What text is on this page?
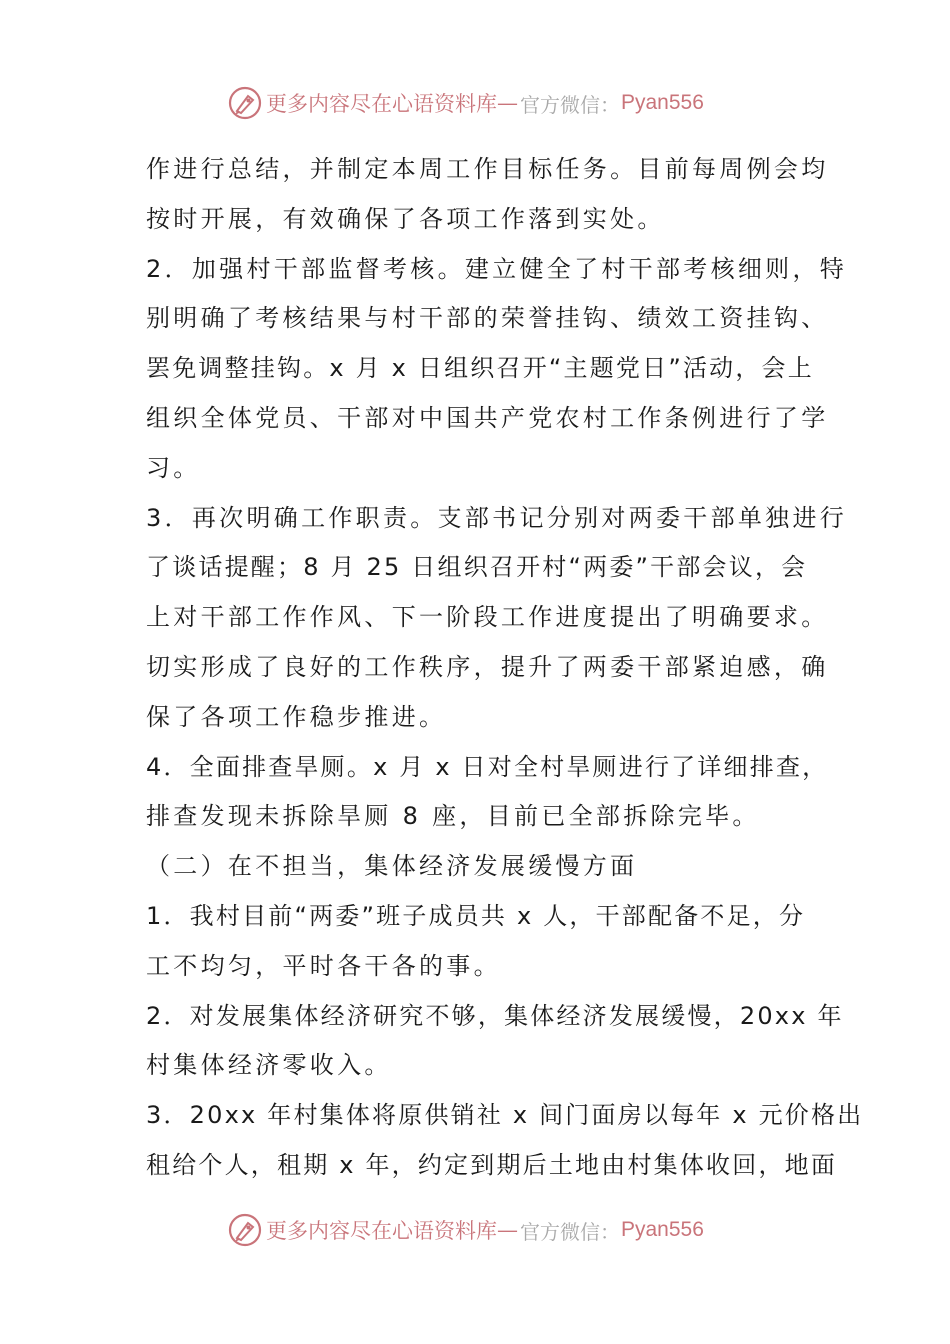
更多内容尽在心语资料库 — 官方微信： Pyan556
作进行总结，并制定本周工作目标任务。目前每周例会均
按时开展，有效确保了各项工作落到实处。
2．加强村干部监督考核。建立健全了村干部考核细则，特
别明确了考核结果与村干部的荣誉挂钩、绩效工资挂钩、
罢免调整挂钩。x 月 x 日组织召开“主题党日”活动，会上
组织全体党员、干部对中国共产党农村工作条例进行了学
习。
3．再次明确工作职责。支部书记分别对两委干部单独进行
了谈话提醒；8 月 25 日组织召开村“两委”干部会议，会
上对干部工作作风、下一阶段工作进度提出了明确要求。
切实形成了良好的工作秩序，提升了两委干部紧迫感，确
保了各项工作稳步推进。
4．全面排查旱厕。x 月 x 日对全村旱厕进行了详细排查，
排查发现未拆除旱厕 8 座，目前已全部拆除完毕。
（二）在不担当，集体经济发展缓慢方面
1．我村目前“两委”班子成员共 x 人，干部配备不足，分
工不均匀，平时各干各的事。
2．对发展集体经济研究不够，集体经济发展缓慢，20xx 年
村集体经济零收入。
3．20xx 年村集体将原供销社 x 间门面房以每年 x 元价格出
租给个人，租期 x 年，约定到期后土地由村集体收回，地面
更多内容尽在心语资料库 — 官方微信： Pyan556
